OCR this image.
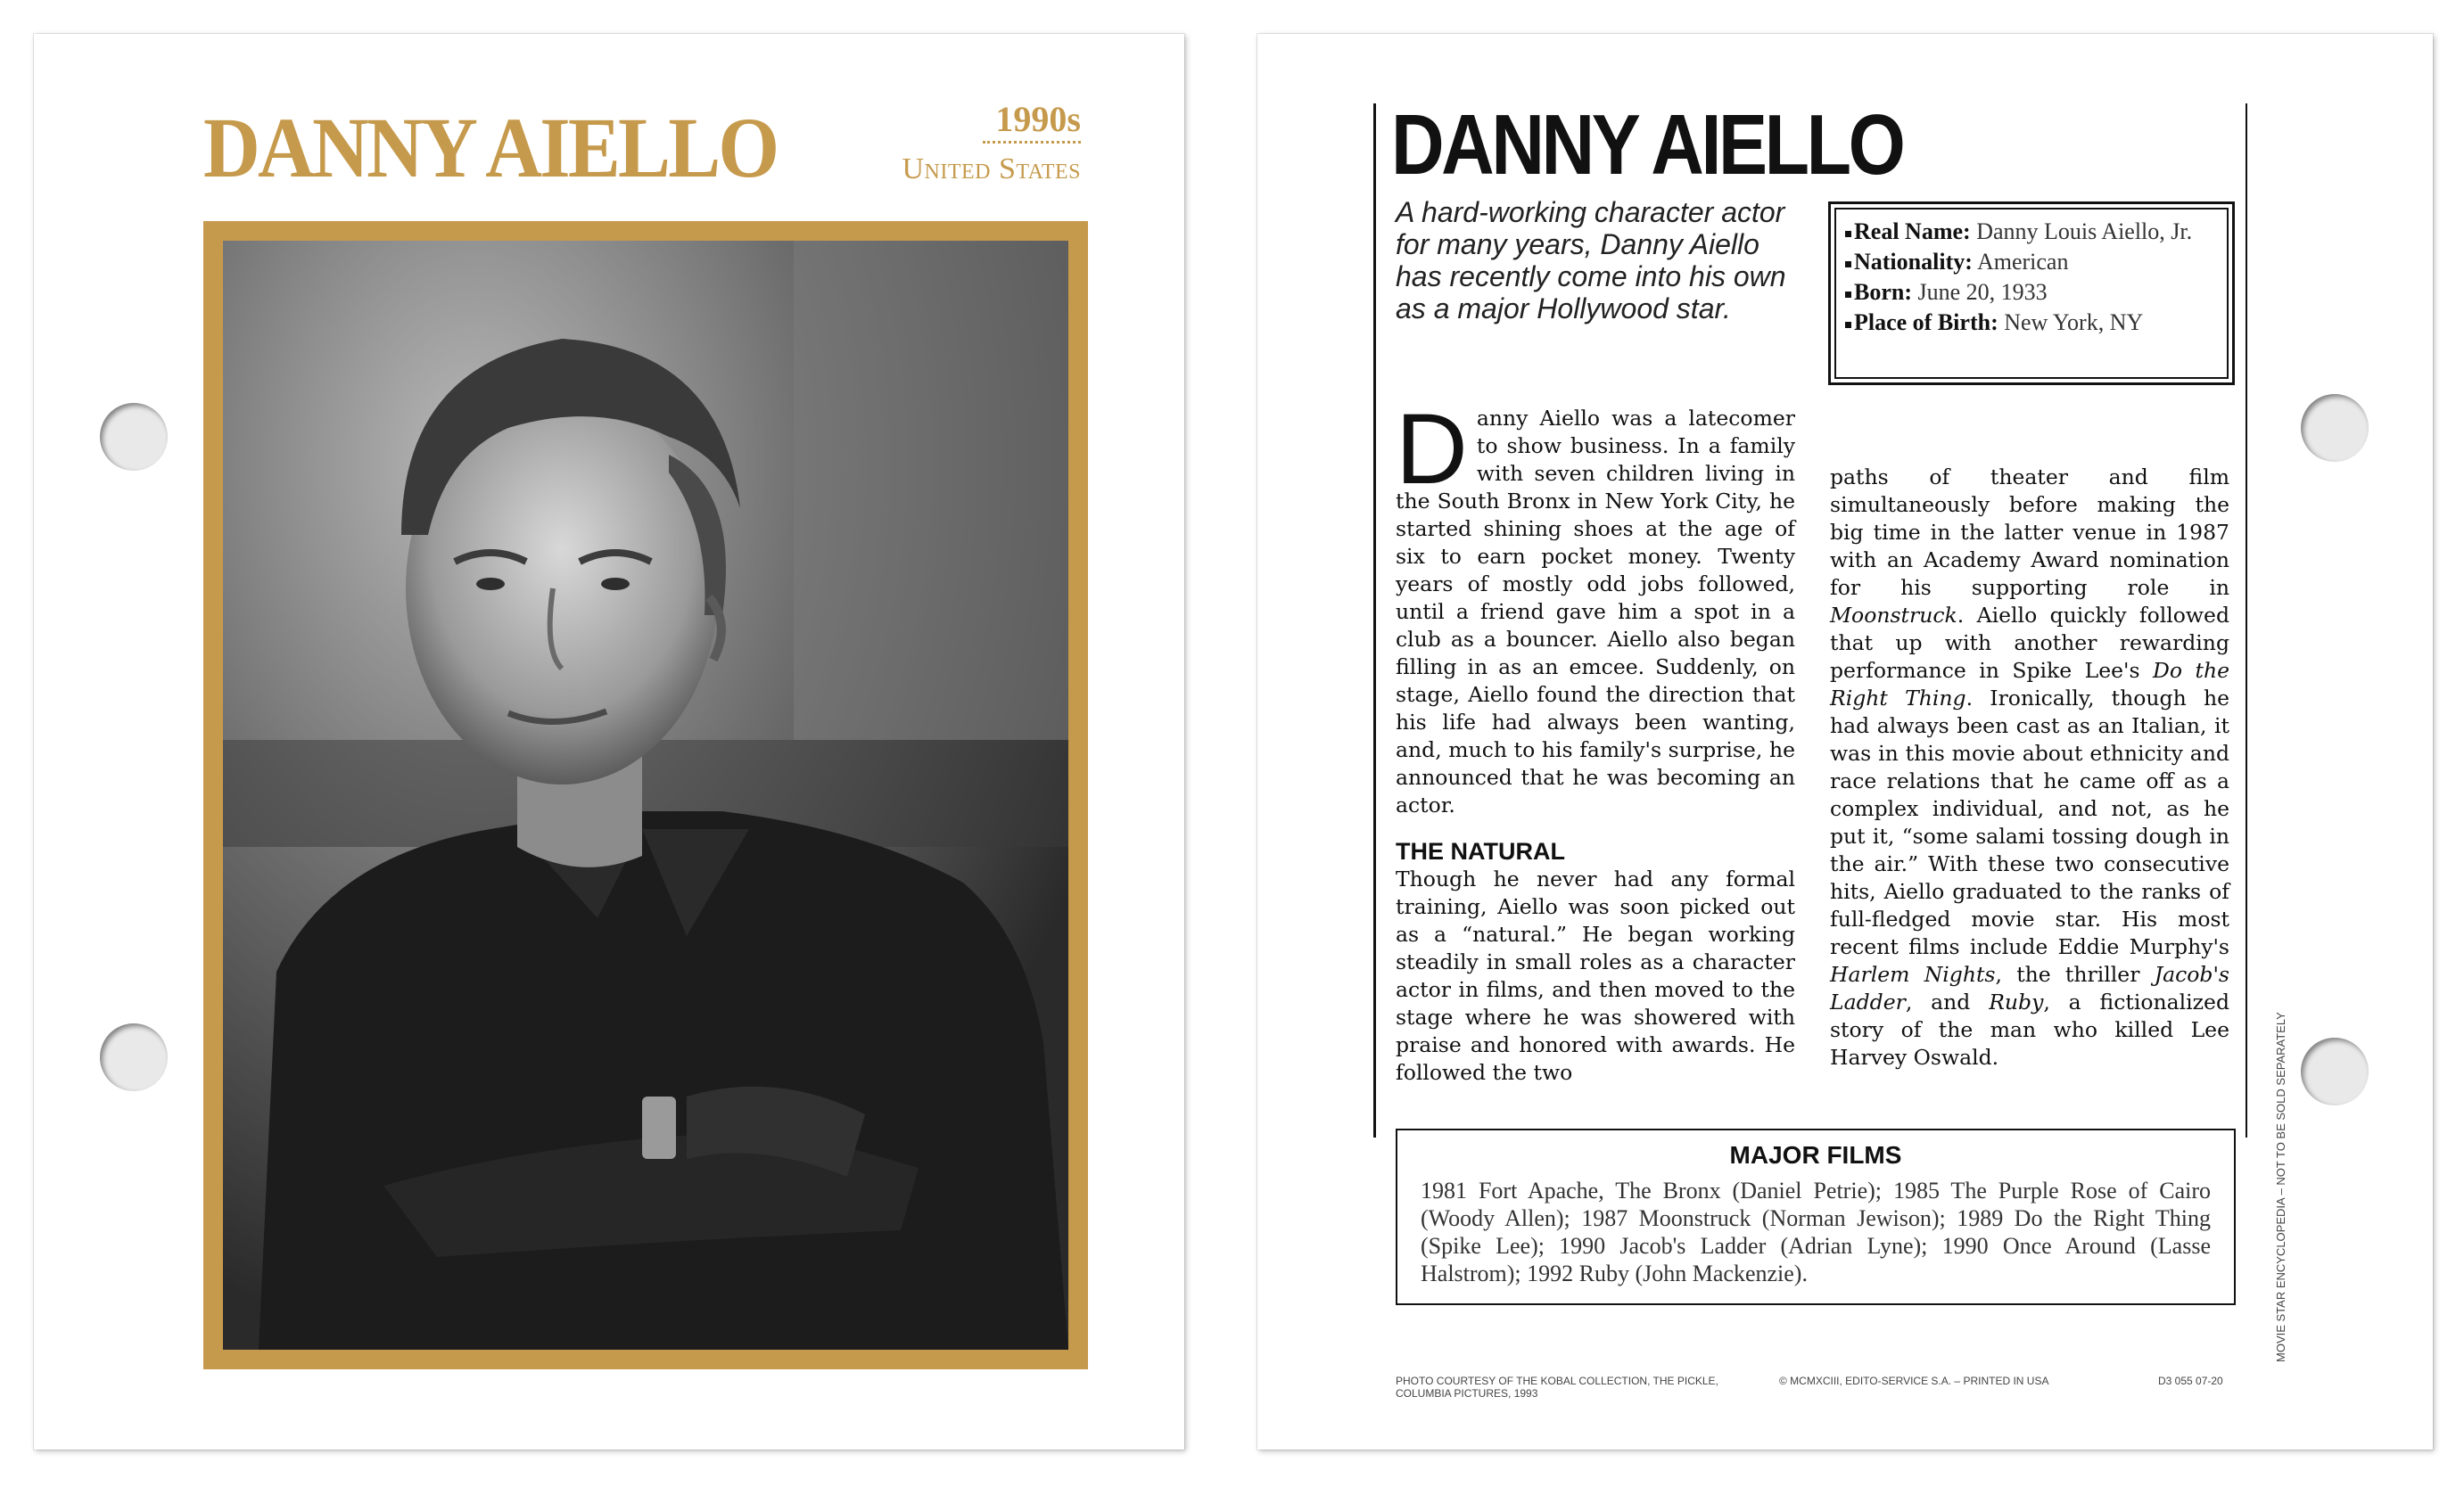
DANNY AIELLO	1990s
United States	DANNY AIELLO
A hard-working character actor for many years, Danny Aiello has recently come into his own as a major Hollywood star.
Real Name: Danny Louis Aiello, Jr.
Nationality: American
Born: June 20, 1933
Place of Birth: New York, NY
Danny Aiello was a latecomer to show business. In a family with seven children living in the South Bronx in New York City, he started shining shoes at the age of six to earn pocket money. Twenty years of mostly odd jobs followed, until a friend gave him a spot in a club as a bouncer. Aiello also began filling in as an emcee. Suddenly, on stage, Aiello found the direction that his life had always been wanting, and, much to his family's surprise, he announced that he was becoming an actor.
THE NATURAL
Though he never had any formal training, Aiello was soon picked out as a “natural.” He began working steadily in small roles as a character actor in films, and then moved to the stage where he was showered with praise and honored with awards. He followed the two
paths of theater and film simultaneously before making the big time in the latter venue in 1987 with an Academy Award nomination for his supporting role in Moonstruck. Aiello quickly followed that up with another rewarding performance in Spike Lee's Do the Right Thing. Ironically, though he had always been cast as an Italian, it was in this movie about ethnicity and race relations that he came off as a complex individual, and not, as he put it, “some salami tossing dough in the air.” With these two consecutive hits, Aiello graduated to the ranks of full-fledged movie star. His most recent films include Eddie Murphy's Harlem Nights, the thriller Jacob's Ladder, and Ruby, a fictionalized story of the man who killed Lee Harvey Oswald.
MAJOR FILMS
1981 Fort Apache, The Bronx (Daniel Petrie); 1985 The Purple Rose of Cairo (Woody Allen); 1987 Moonstruck (Norman Jewison); 1989 Do the Right Thing (Spike Lee); 1990 Jacob's Ladder (Adrian Lyne); 1990 Once Around (Lasse Halstrom); 1992 Ruby (John Mackenzie).
PHOTO COURTESY OF THE KOBAL COLLECTION, THE PICKLE, COLUMBIA PICTURES, 1993
© MCMXCIII, EDITO-SERVICE S.A. – PRINTED IN USA	D3 055 07-20
MOVIE STAR ENCYCLOPEDIA – NOT TO BE SOLD SEPARATELY
